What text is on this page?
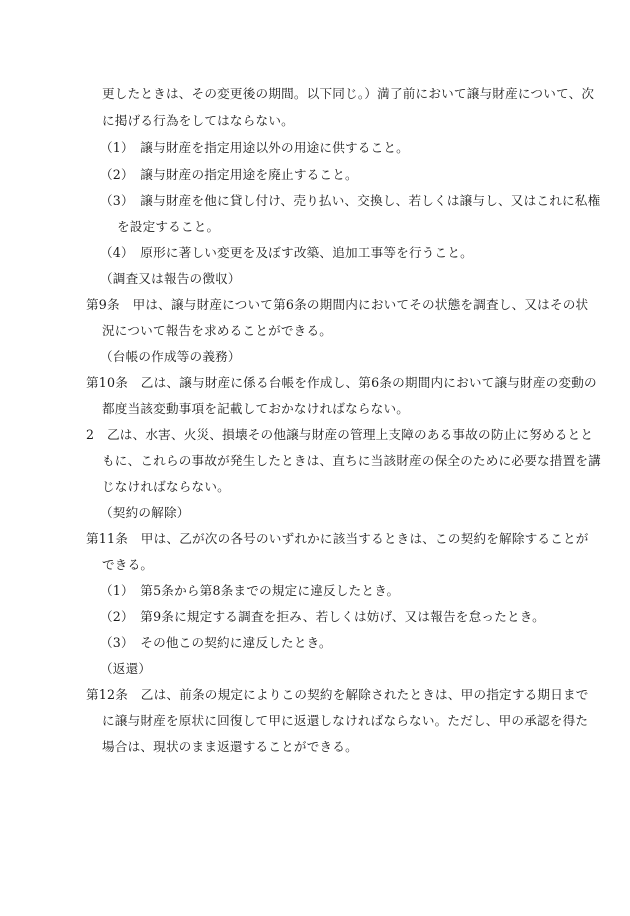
更したときは、その変更後の期間。以下同じ。）満了前において譲与財産について、次
に掲げる行為をしてはならない。
（1）　譲与財産を指定用途以外の用途に供すること。
（2）　譲与財産の指定用途を廃止すること。
（3）　譲与財産を他に貸し付け、売り払い、交換し、若しくは譲与し、又はこれに私権
を設定すること。
（4）　原形に著しい変更を及ぼす改築、追加工事等を行うこと。
（調査又は報告の徴収）
第9条　甲は、譲与財産について第6条の期間内においてその状態を調査し、又はその状
況について報告を求めることができる。
（台帳の作成等の義務）
第10条　乙は、譲与財産に係る台帳を作成し、第6条の期間内において譲与財産の変動の
都度当該変動事項を記載しておかなければならない。
2　乙は、水害、火災、損壊その他譲与財産の管理上支障のある事故の防止に努めるとと
もに、これらの事故が発生したときは、直ちに当該財産の保全のために必要な措置を講
じなければならない。
（契約の解除）
第11条　甲は、乙が次の各号のいずれかに該当するときは、この契約を解除することが
できる。
（1）　第5条から第8条までの規定に違反したとき。
（2）　第9条に規定する調査を拒み、若しくは妨げ、又は報告を怠ったとき。
（3）　その他この契約に違反したとき。
（返還）
第12条　乙は、前条の規定によりこの契約を解除されたときは、甲の指定する期日まで
に譲与財産を原状に回復して甲に返還しなければならない。ただし、甲の承認を得た
場合は、現状のまま返還することができる。
